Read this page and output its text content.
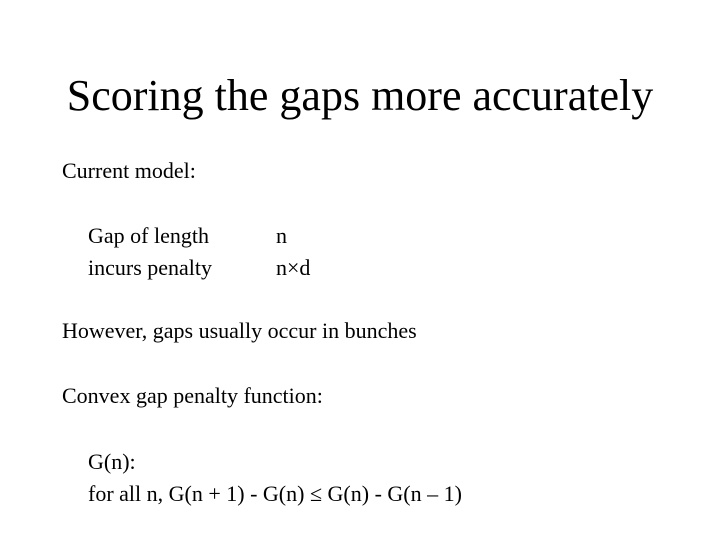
Scoring the gaps more accurately
Current model:
Gap of length	n
incurs penalty	n×d
However, gaps usually occur in bunches
Convex gap penalty function:
G(n):
for all n, G(n + 1) - G(n) ≤ G(n) - G(n – 1)
